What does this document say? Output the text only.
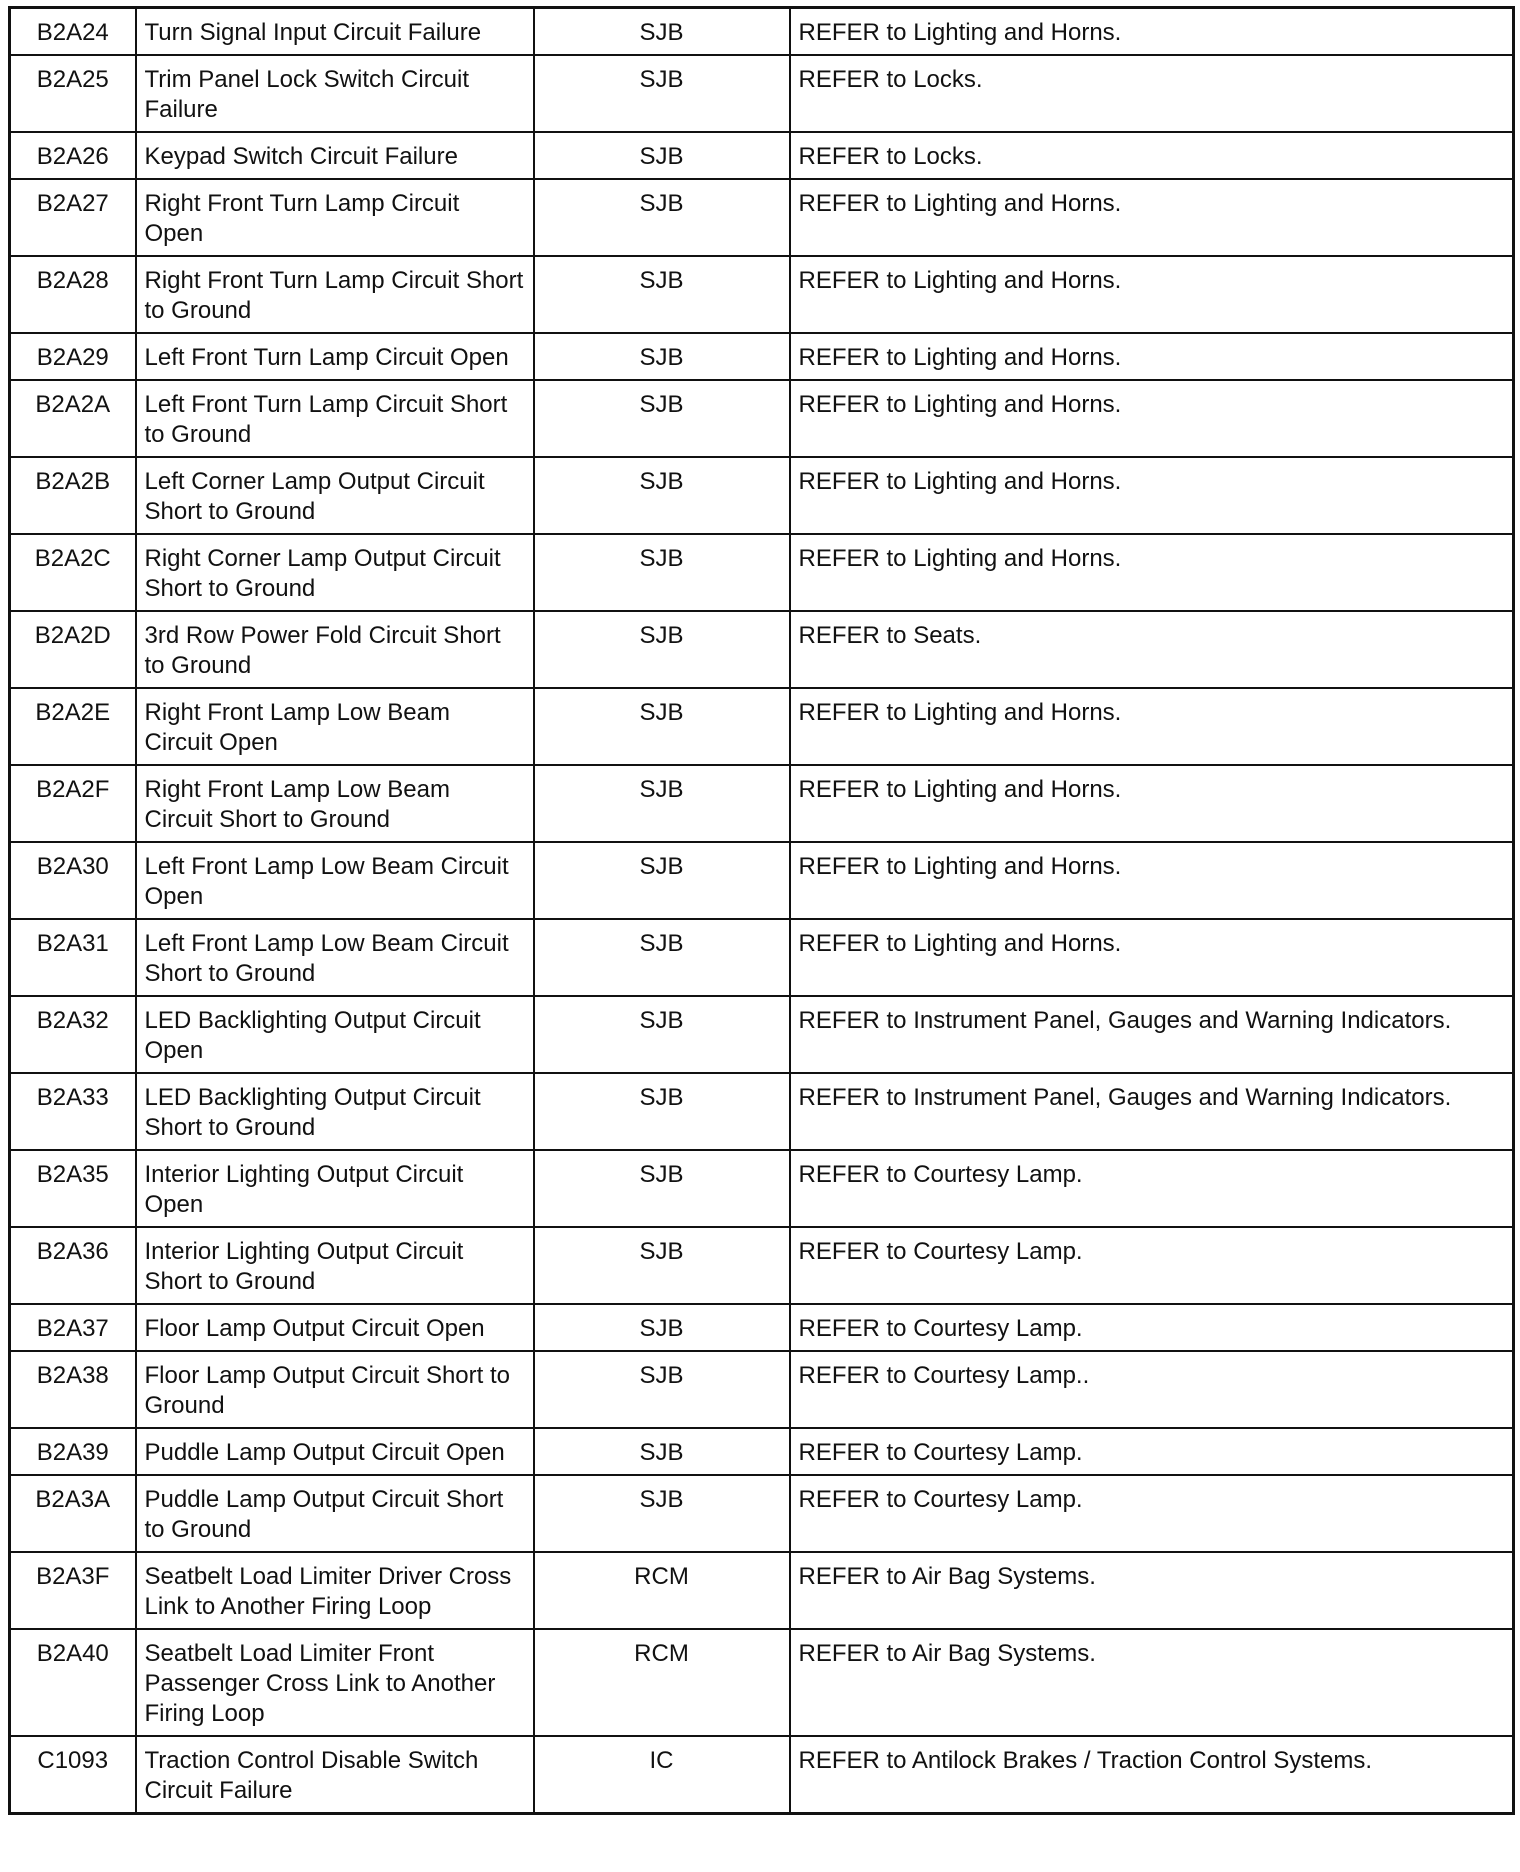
B2A24	Turn Signal Input Circuit Failure	SJB	REFER to Lighting and Horns.
B2A25	Trim Panel Lock Switch Circuit Failure	SJB	REFER to Locks.
B2A26	Keypad Switch Circuit Failure	SJB	REFER to Locks.
B2A27	Right Front Turn Lamp Circuit Open	SJB	REFER to Lighting and Horns.
B2A28	Right Front Turn Lamp Circuit Short to Ground	SJB	REFER to Lighting and Horns.
B2A29	Left Front Turn Lamp Circuit Open	SJB	REFER to Lighting and Horns.
B2A2A	Left Front Turn Lamp Circuit Short to Ground	SJB	REFER to Lighting and Horns.
B2A2B	Left Corner Lamp Output Circuit Short to Ground	SJB	REFER to Lighting and Horns.
B2A2C	Right Corner Lamp Output Circuit Short to Ground	SJB	REFER to Lighting and Horns.
B2A2D	3rd Row Power Fold Circuit Short to Ground	SJB	REFER to Seats.
B2A2E	Right Front Lamp Low Beam Circuit Open	SJB	REFER to Lighting and Horns.
B2A2F	Right Front Lamp Low Beam Circuit Short to Ground	SJB	REFER to Lighting and Horns.
B2A30	Left Front Lamp Low Beam Circuit Open	SJB	REFER to Lighting and Horns.
B2A31	Left Front Lamp Low Beam Circuit Short to Ground	SJB	REFER to Lighting and Horns.
B2A32	LED Backlighting Output Circuit Open	SJB	REFER to Instrument Panel, Gauges and Warning Indicators.
B2A33	LED Backlighting Output Circuit Short to Ground	SJB	REFER to Instrument Panel, Gauges and Warning Indicators.
B2A35	Interior Lighting Output Circuit Open	SJB	REFER to Courtesy Lamp.
B2A36	Interior Lighting Output Circuit Short to Ground	SJB	REFER to Courtesy Lamp.
B2A37	Floor Lamp Output Circuit Open	SJB	REFER to Courtesy Lamp.
B2A38	Floor Lamp Output Circuit Short to Ground	SJB	REFER to Courtesy Lamp..
B2A39	Puddle Lamp Output Circuit Open	SJB	REFER to Courtesy Lamp.
B2A3A	Puddle Lamp Output Circuit Short to Ground	SJB	REFER to Courtesy Lamp.
B2A3F	Seatbelt Load Limiter Driver Cross Link to Another Firing Loop	RCM	REFER to Air Bag Systems.
B2A40	Seatbelt Load Limiter Front Passenger Cross Link to Another Firing Loop	RCM	REFER to Air Bag Systems.
C1093	Traction Control Disable Switch Circuit Failure	IC	REFER to Antilock Brakes / Traction Control Systems.
